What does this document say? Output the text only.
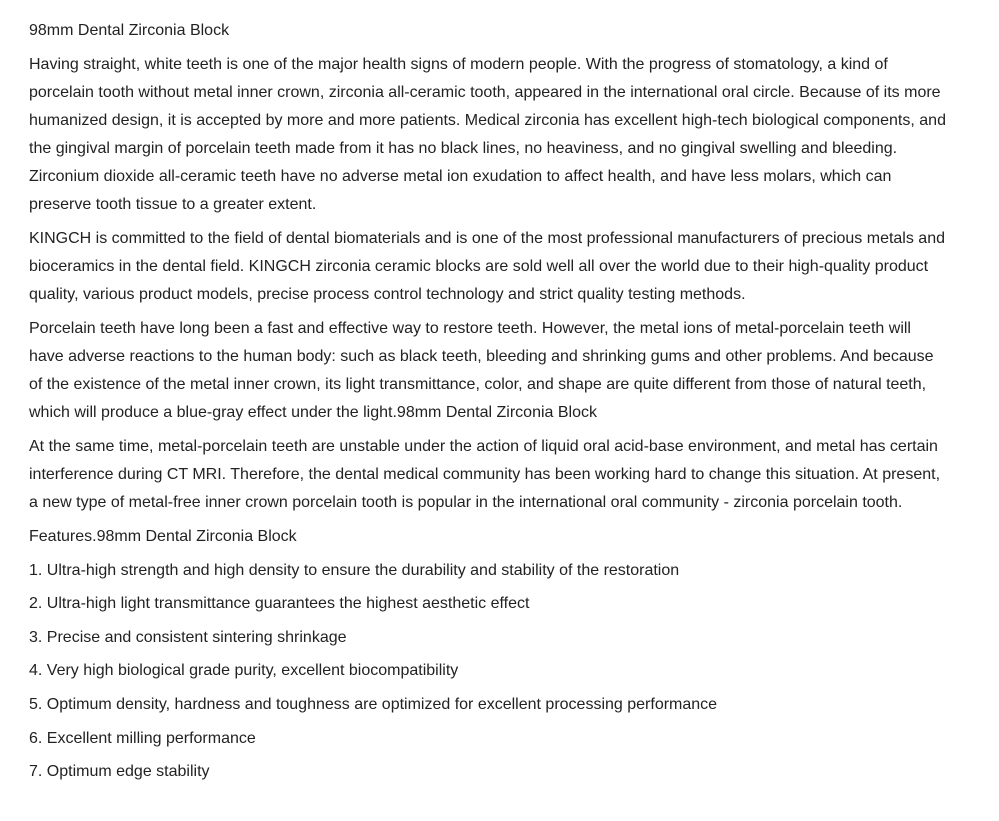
98mm Dental Zirconia Block

Having straight, white teeth is one of the major health signs of modern people. With the progress of stomatology, a kind of porcelain tooth without metal inner crown, zirconia all-ceramic tooth, appeared in the international oral circle. Because of its more humanized design, it is accepted by more and more patients. Medical zirconia has excellent high-tech biological components, and the gingival margin of porcelain teeth made from it has no black lines, no heaviness, and no gingival swelling and bleeding. Zirconium dioxide all-ceramic teeth have no adverse metal ion exudation to affect health, and have less molars, which can preserve tooth tissue to a greater extent.

KINGCH is committed to the field of dental biomaterials and is one of the most professional manufacturers of precious metals and bioceramics in the dental field. KINGCH zirconia ceramic blocks are sold well all over the world due to their high-quality product quality, various product models, precise process control technology and strict quality testing methods.

Porcelain teeth have long been a fast and effective way to restore teeth. However, the metal ions of metal-porcelain teeth will have adverse reactions to the human body: such as black teeth, bleeding and shrinking gums and other problems. And because of the existence of the metal inner crown, its light transmittance, color, and shape are quite different from those of natural teeth, which will produce a blue-gray effect under the light.98mm Dental Zirconia Block

At the same time, metal-porcelain teeth are unstable under the action of liquid oral acid-base environment, and metal has certain interference during CT MRI. Therefore, the dental medical community has been working hard to change this situation. At present, a new type of metal-free inner crown porcelain tooth is popular in the international oral community - zirconia porcelain tooth.

Features.98mm Dental Zirconia Block

1. Ultra-high strength and high density to ensure the durability and stability of the restoration

2. Ultra-high light transmittance guarantees the highest aesthetic effect

3. Precise and consistent sintering shrinkage

4. Very high biological grade purity, excellent biocompatibility

5. Optimum density, hardness and toughness are optimized for excellent processing performance

6. Excellent milling performance

7. Optimum edge stability
